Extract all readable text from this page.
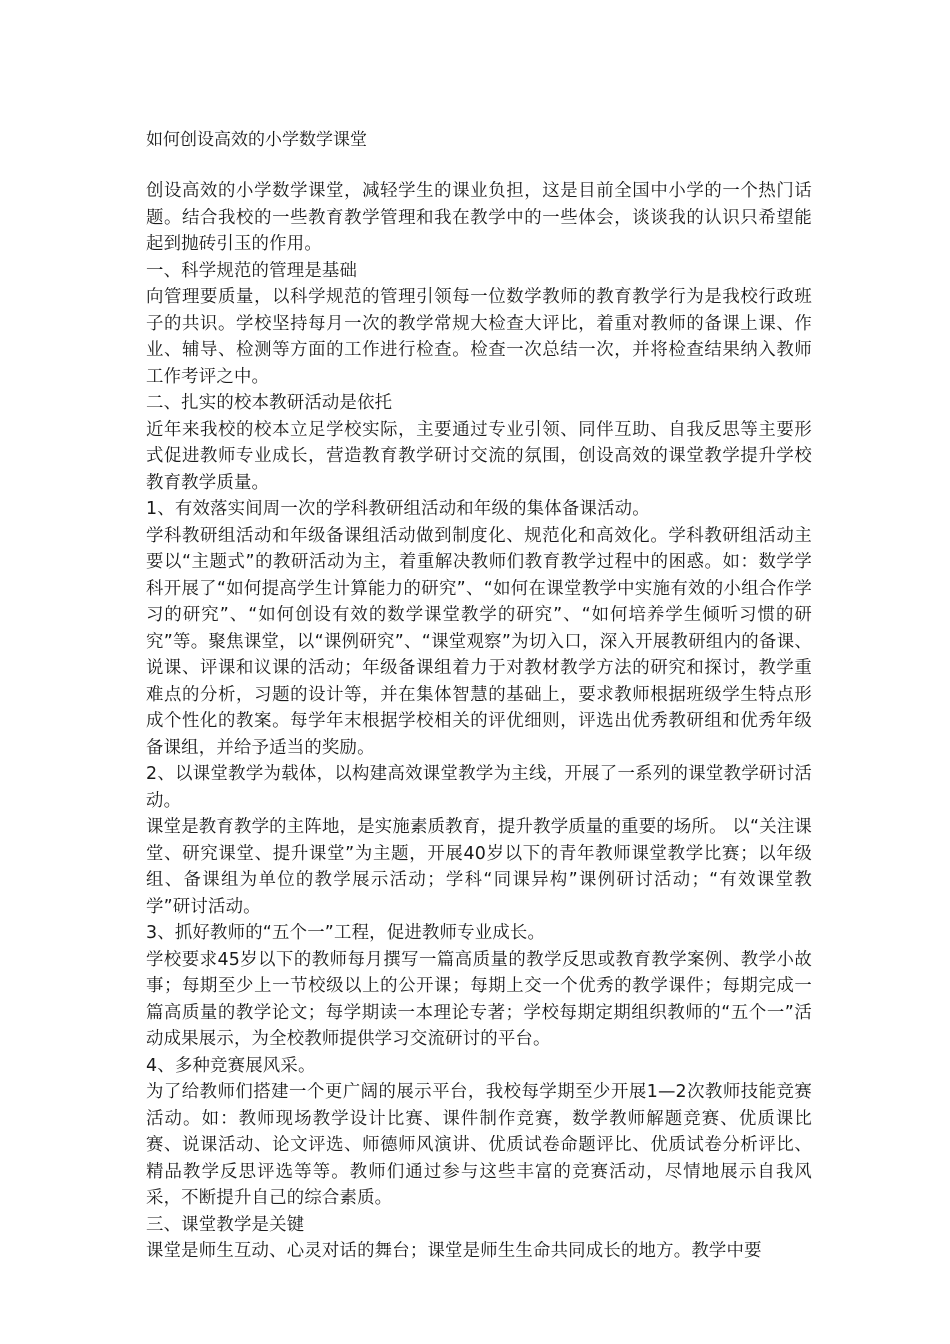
如何创设高效的小学数学课堂

创设高效的小学数学课堂，减轻学生的课业负担，这是目前全国中小学的一个热门话题。结合我校的一些教育教学管理和我在教学中的一些体会，谈谈我的认识只希望能起到抛砖引玉的作用。

一、科学规范的管理是基础

向管理要质量，以科学规范的管理引领每一位数学教师的教育教学行为是我校行政班子的共识。学校坚持每月一次的教学常规大检查大评比，着重对教师的备课上课、作业、辅导、检测等方面的工作进行检查。检查一次总结一次，并将检查结果纳入教师工作考评之中。

二、扎实的校本教研活动是依托

近年来我校的校本立足学校实际，主要通过专业引领、同伴互助、自我反思等主要形式促进教师专业成长，营造教育教学研讨交流的氛围，创设高效的课堂教学提升学校教育教学质量。

1、有效落实间周一次的学科教研组活动和年级的集体备课活动。

学科教研组活动和年级备课组活动做到制度化、规范化和高效化。学科教研组活动主要以“主题式”的教研活动为主，着重解决教师们教育教学过程中的困惑。如：数学学科开展了“如何提高学生计算能力的研究”、“如何在课堂教学中实施有效的小组合作学习的研究”、“如何创设有效的数学课堂教学的研究”、“如何培养学生倾听习惯的研究”等。聚焦课堂，以“课例研究”、“课堂观察”为切入口，深入开展教研组内的备课、说课、评课和议课的活动；年级备课组着力于对教材教学方法的研究和探讨，教学重难点的分析，习题的设计等，并在集体智慧的基础上，要求教师根据班级学生特点形成个性化的教案。每学年末根据学校相关的评优细则，评选出优秀教研组和优秀年级备课组，并给予适当的奖励。

2、以课堂教学为载体，以构建高效课堂教学为主线，开展了一系列的课堂教学研讨活动。

课堂是教育教学的主阵地，是实施素质教育，提升教学质量的重要的场所。 以“关注课堂、研究课堂、提升课堂”为主题，开展40岁以下的青年教师课堂教学比赛；以年级组、备课组为单位的教学展示活动；学科“同课异构”课例研讨活动；“有效课堂教学”研讨活动。

3、抓好教师的“五个一”工程，促进教师专业成长。

学校要求45岁以下的教师每月撰写一篇高质量的教学反思或教育教学案例、教学小故事；每期至少上一节校级以上的公开课；每期上交一个优秀的教学课件；每期完成一篇高质量的教学论文；每学期读一本理论专著；学校每期定期组织教师的“五个一”活动成果展示，为全校教师提供学习交流研讨的平台。

4、多种竞赛展风采。

为了给教师们搭建一个更广阔的展示平台，我校每学期至少开展1—2次教师技能竞赛活动。如：教师现场教学设计比赛、课件制作竞赛，数学教师解题竞赛、优质课比赛、说课活动、论文评选、师德师风演讲、优质试卷命题评比、优质试卷分析评比、精品教学反思评选等等。教师们通过参与这些丰富的竞赛活动，尽情地展示自我风采，不断提升自己的综合素质。

三、课堂教学是关键

课堂是师生互动、心灵对话的舞台；课堂是师生生命共同成长的地方。教学中要
